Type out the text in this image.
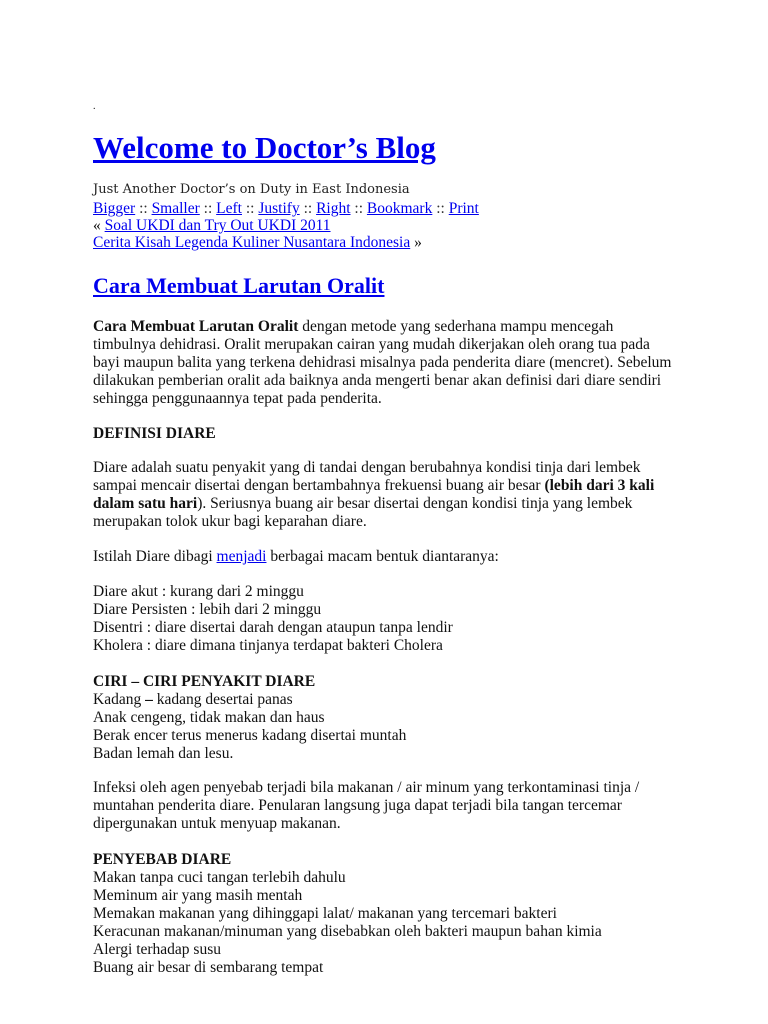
.
Welcome to Doctor’s Blog
Just Another Doctor’s on Duty in East Indonesia
Bigger :: Smaller :: Left :: Justify :: Right :: Bookmark :: Print
« Soal UKDI dan Try Out UKDI 2011
Cerita Kisah Legenda Kuliner Nusantara Indonesia »
Cara Membuat Larutan Oralit
Cara Membuat Larutan Oralit dengan metode yang sederhana mampu mencegah
timbulnya dehidrasi. Oralit merupakan cairan yang mudah dikerjakan oleh orang tua pada
bayi maupun balita yang terkena dehidrasi misalnya pada penderita diare (mencret). Sebelum
dilakukan pemberian oralit ada baiknya anda mengerti benar akan definisi dari diare sendiri
sehingga penggunaannya tepat pada penderita.
DEFINISI DIARE
Diare adalah suatu penyakit yang di tandai dengan berubahnya kondisi tinja dari lembek
sampai mencair disertai dengan bertambahnya frekuensi buang air besar (lebih dari 3 kali
dalam satu hari). Seriusnya buang air besar disertai dengan kondisi tinja yang lembek
merupakan tolok ukur bagi keparahan diare.
Istilah Diare dibagi menjadi berbagai macam bentuk diantaranya:
Diare akut : kurang dari 2 minggu
Diare Persisten : lebih dari 2 minggu
Disentri : diare disertai darah dengan ataupun tanpa lendir
Kholera : diare dimana tinjanya terdapat bakteri Cholera
CIRI – CIRI PENYAKIT DIARE
Kadang – kadang desertai panas
Anak cengeng, tidak makan dan haus
Berak encer terus menerus kadang disertai muntah
Badan lemah dan lesu.
Infeksi oleh agen penyebab terjadi bila makanan / air minum yang terkontaminasi tinja /
muntahan penderita diare. Penularan langsung juga dapat terjadi bila tangan tercemar
dipergunakan untuk menyuap makanan.
PENYEBAB DIARE
Makan tanpa cuci tangan terlebih dahulu
Meminum air yang masih mentah
Memakan makanan yang dihinggapi lalat/ makanan yang tercemari bakteri
Keracunan makanan/minuman yang disebabkan oleh bakteri maupun bahan kimia
Alergi terhadap susu
Buang air besar di sembarang tempat
